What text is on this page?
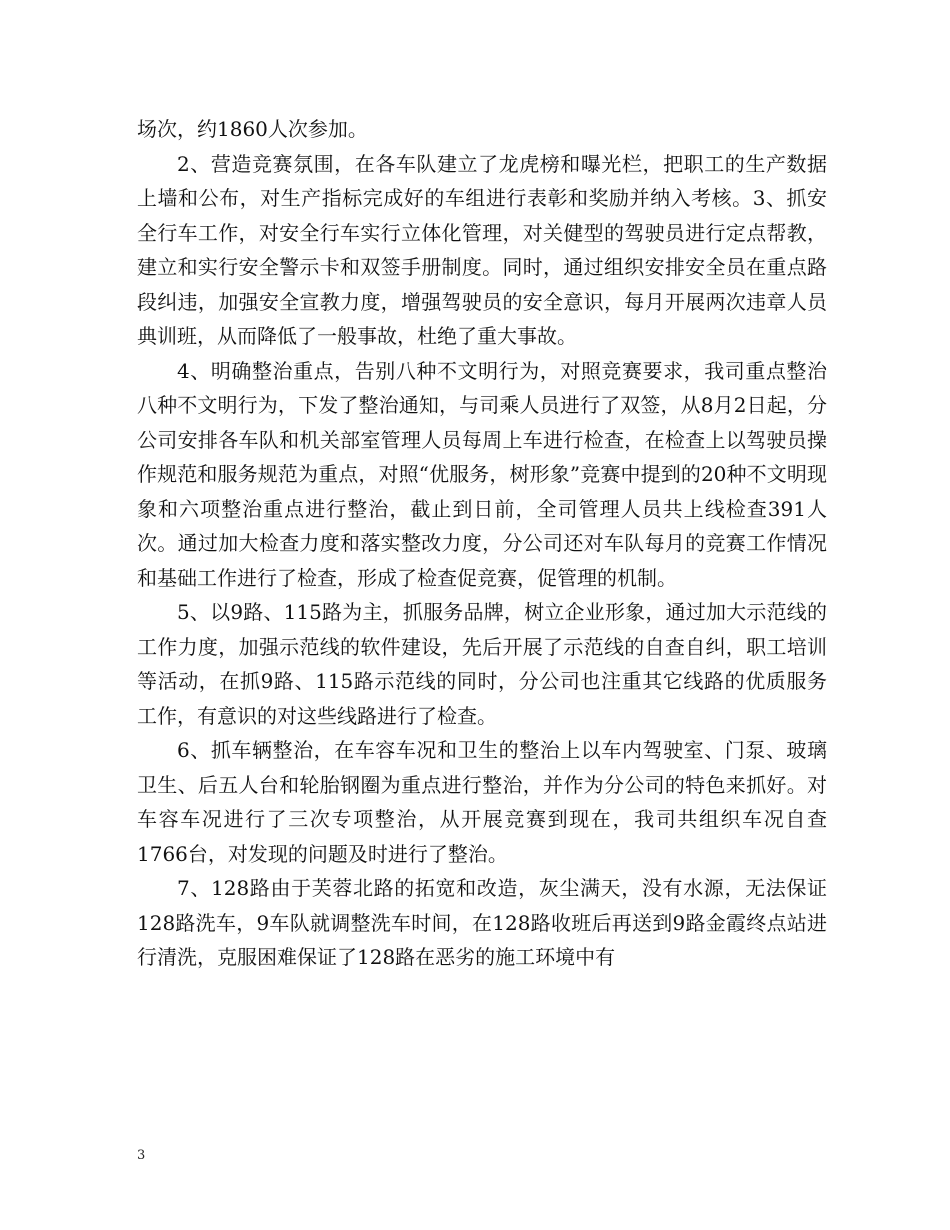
场次，约1860人次参加。

2、营造竞赛氛围，在各车队建立了龙虎榜和曝光栏，把职工的生产数据上墙和公布，对生产指标完成好的车组进行表彰和奖励并纳入考核。3、抓安全行车工作，对安全行车实行立体化管理，对关健型的驾驶员进行定点帮教，建立和实行安全警示卡和双签手册制度。同时，通过组织安排安全员在重点路段纠违，加强安全宣教力度，增强驾驶员的安全意识，每月开展两次违章人员典训班，从而降低了一般事故，杜绝了重大事故。

4、明确整治重点，告别八种不文明行为，对照竞赛要求，我司重点整治八种不文明行为，下发了整治通知，与司乘人员进行了双签，从8月2日起，分公司安排各车队和机关部室管理人员每周上车进行检查，在检查上以驾驶员操作规范和服务规范为重点，对照“优服务，树形象”竞赛中提到的20种不文明现象和六项整治重点进行整治，截止到日前，全司管理人员共上线检查391人次。通过加大检查力度和落实整改力度，分公司还对车队每月的竞赛工作情况和基础工作进行了检查，形成了检查促竞赛，促管理的机制。

5、以9路、115路为主，抓服务品牌，树立企业形象，通过加大示范线的工作力度，加强示范线的软件建设，先后开展了示范线的自查自纠，职工培训等活动，在抓9路、115路示范线的同时，分公司也注重其它线路的优质服务工作，有意识的对这些线路进行了检查。

6、抓车辆整治，在车容车况和卫生的整治上以车内驾驶室、门泵、玻璃卫生、后五人台和轮胎钢圈为重点进行整治，并作为分公司的特色来抓好。对车容车况进行了三次专项整治，从开展竞赛到现在，我司共组织车况自查1766台，对发现的问题及时进行了整治。

7、128路由于芙蓉北路的拓宽和改造，灰尘满天，没有水源，无法保证128路洗车，9车队就调整洗车时间，在128路收班后再送到9路金霞终点站进行清洗，克服困难保证了128路在恶劣的施工环境中有

3
